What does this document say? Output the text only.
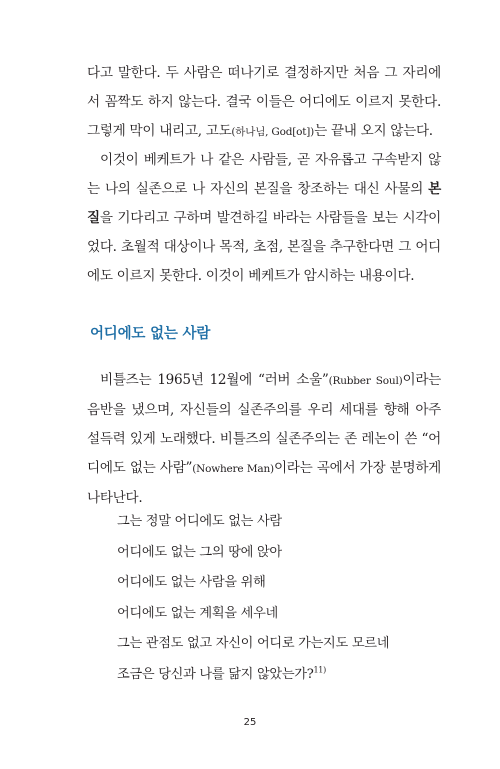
다고 말한다. 두 사람은 떠나기로 결정하지만 처음 그 자리에서 꼼짝도 하지 않는다. 결국 이들은 어디에도 이르지 못한다. 그렇게 막이 내리고, 고도(하나님, God[ot])는 끝내 오지 않는다.

이것이 베케트가 나 같은 사람들, 곧 자유롭고 구속받지 않는 나의 실존으로 나 자신의 본질을 창조하는 대신 사물의 본질을 기다리고 구하며 발견하길 바라는 사람들을 보는 시각이었다. 초월적 대상이나 목적, 초점, 본질을 추구한다면 그 어디에도 이르지 못한다. 이것이 베케트가 암시하는 내용이다.

어디에도 없는 사람

비틀즈는 1965년 12월에 “러버 소울”(Rubber Soul)이라는 음반을 냈으며, 자신들의 실존주의를 우리 세대를 향해 아주 설득력 있게 노래했다. 비틀즈의 실존주의는 존 레논이 쓴 “어디에도 없는 사람”(Nowhere Man)이라는 곡에서 가장 분명하게 나타난다.

그는 정말 어디에도 없는 사람
어디에도 없는 그의 땅에 앉아
어디에도 없는 사람을 위해
어디에도 없는 계획을 세우네
그는 관점도 없고 자신이 어디로 가는지도 모르네
조금은 당신과 나를 닮지 않았는가?$^{11)}$
25
